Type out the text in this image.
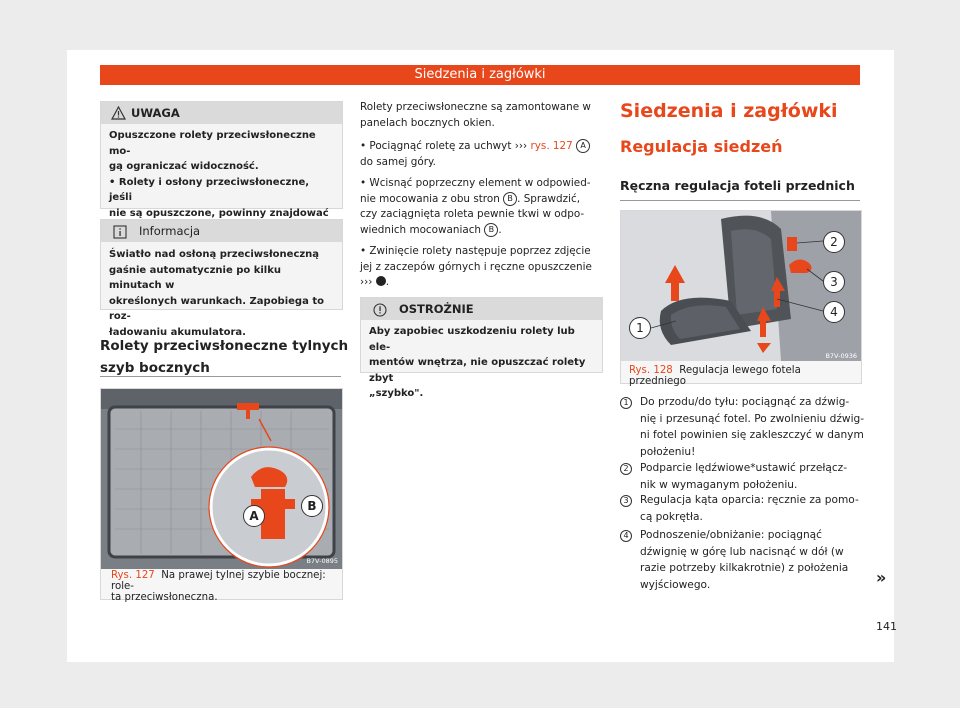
Siedzenia i zagłówki
UWAGA
Opuszczone rolety przeciwsłoneczne mo-
gą ograniczać widoczność.
• Rolety i osłony przeciwsłoneczne, jeśli
nie są opuszczone, powinny znajdować
Informacja
Światło nad osłoną przeciwsłoneczną
gaśnie automatycznie po kilku minutach w
określonych warunkach. Zapobiega to roz-
ładowaniu akumulatora.
Rolety przeciwsłoneczne tylnych
szyb bocznych
A
B
B7V-0895
Rys. 127 Na prawej tylnej szybie bocznej: role-
ta przeciwsłoneczna.
Rolety przeciwsłoneczne są zamontowane w
panelach bocznych okien.
• Pociągnąć roletę za uchwyt ››› rys. 127 A
do samej góry.
• Wcisnąć poprzeczny element w odpowied-
nie mocowania z obu stron B . Sprawdzić,
czy zaciągnięta roleta pewnie tkwi w odpo-
wiednich mocowaniach B .
• Zwinięcie rolety następuje poprzez zdjęcie
jej z zaczepów górnych i ręczne opuszczenie
››› .
OSTROŻNIE
Aby zapobiec uszkodzeniu rolety lub ele-
mentów wnętrza, nie opuszczać rolety zbyt
„szybko".
Siedzenia i zagłówki
Regulacja siedzeń
Ręczna regulacja foteli przednich
1
2
3
4
B7V-0936
Rys. 128 Regulacja lewego fotela przedniego
1	Do przodu/do tyłu: pociągnąć za dźwig-
nię i przesunąć fotel. Po zwolnieniu dźwig-
ni fotel powinien się zakleszczyć w danym
położeniu!
2	Podparcie lędźwiowe*ustawić przełącz-
nik w wymaganym położeniu.
3	Regulacja kąta oparcia: ręcznie za pomo-
cą pokrętła.
4	Podnoszenie/obniżanie: pociągnąć
dźwignię w górę lub nacisnąć w dół (w
razie potrzeby kilkakrotnie) z położenia
wyjściowego.	»
141
